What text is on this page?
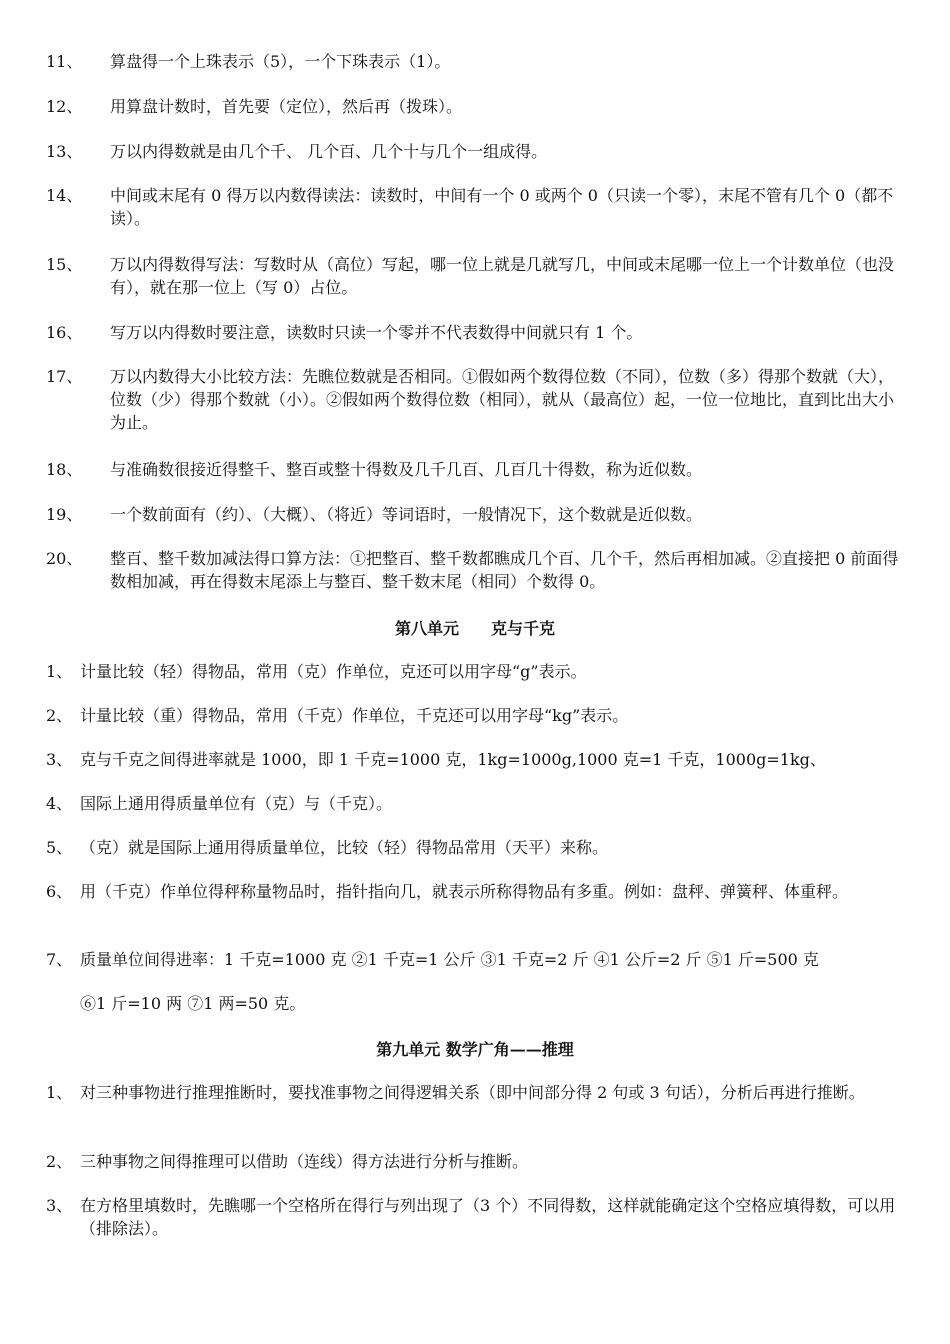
11、	算盘得一个上珠表示（5），一个下珠表示（1）。
12、	用算盘计数时，首先要（定位），然后再（拨珠）。
13、	万以内得数就是由几个千、 几个百、几个十与几个一组成得。
14、	中间或末尾有 0 得万以内数得读法：读数时，中间有一个 0 或两个 0（只读一个零），末尾不管有几个 0（都不读）。
15、	万以内得数得写法：写数时从（高位）写起，哪一位上就是几就写几，中间或末尾哪一位上一个计数单位（也没有），就在那一位上（写 0）占位。
16、	写万以内得数时要注意，读数时只读一个零并不代表数得中间就只有 1 个。
17、	万以内数得大小比较方法：先瞧位数就是否相同。①假如两个数得位数（不同），位数（多）得那个数就（大），位数（少）得那个数就（小）。②假如两个数得位数（相同），就从（最高位）起，一位一位地比，直到比出大小为止。
18、	与准确数很接近得整千、整百或整十得数及几千几百、几百几十得数，称为近似数。
19、	一个数前面有（约）、（大概）、（将近）等词语时，一般情况下，这个数就是近似数。
20、	整百、整千数加减法得口算方法：①把整百、整千数都瞧成几个百、几个千，然后再相加减。②直接把 0 前面得数相加减，再在得数末尾添上与整百、整千数末尾（相同）个数得 0。
第八单元　　克与千克
1、 计量比较（轻）得物品，常用（克）作单位，克还可以用字母“g”表示。
2、 计量比较（重）得物品，常用（千克）作单位，千克还可以用字母“kg”表示。
3、 克与千克之间得进率就是 1000，即 1 千克=1000 克，1kg=1000g,1000 克=1 千克，1000g=1kg、
4、 国际上通用得质量单位有（克）与（千克）。
5、 （克）就是国际上通用得质量单位，比较（轻）得物品常用（天平）来称。
6、 用（千克）作单位得秤称量物品时，指针指向几，就表示所称得物品有多重。例如：盘秤、弹簧秤、体重秤。
7、 质量单位间得进率：1 千克=1000 克 ②1 千克=1 公斤 ③1 千克=2 斤 ④1 公斤=2 斤 ⑤1 斤=500 克
⑥1 斤=10 两 ⑦1 两=50 克。
第九单元 数学广角——推理
1、 对三种事物进行推理推断时，要找准事物之间得逻辑关系（即中间部分得 2 句或 3 句话），分析后再进行推断。
2、 三种事物之间得推理可以借助（连线）得方法进行分析与推断。
3、 在方格里填数时，先瞧哪一个空格所在得行与列出现了（3 个）不同得数，这样就能确定这个空格应填得数，可以用（排除法）。
